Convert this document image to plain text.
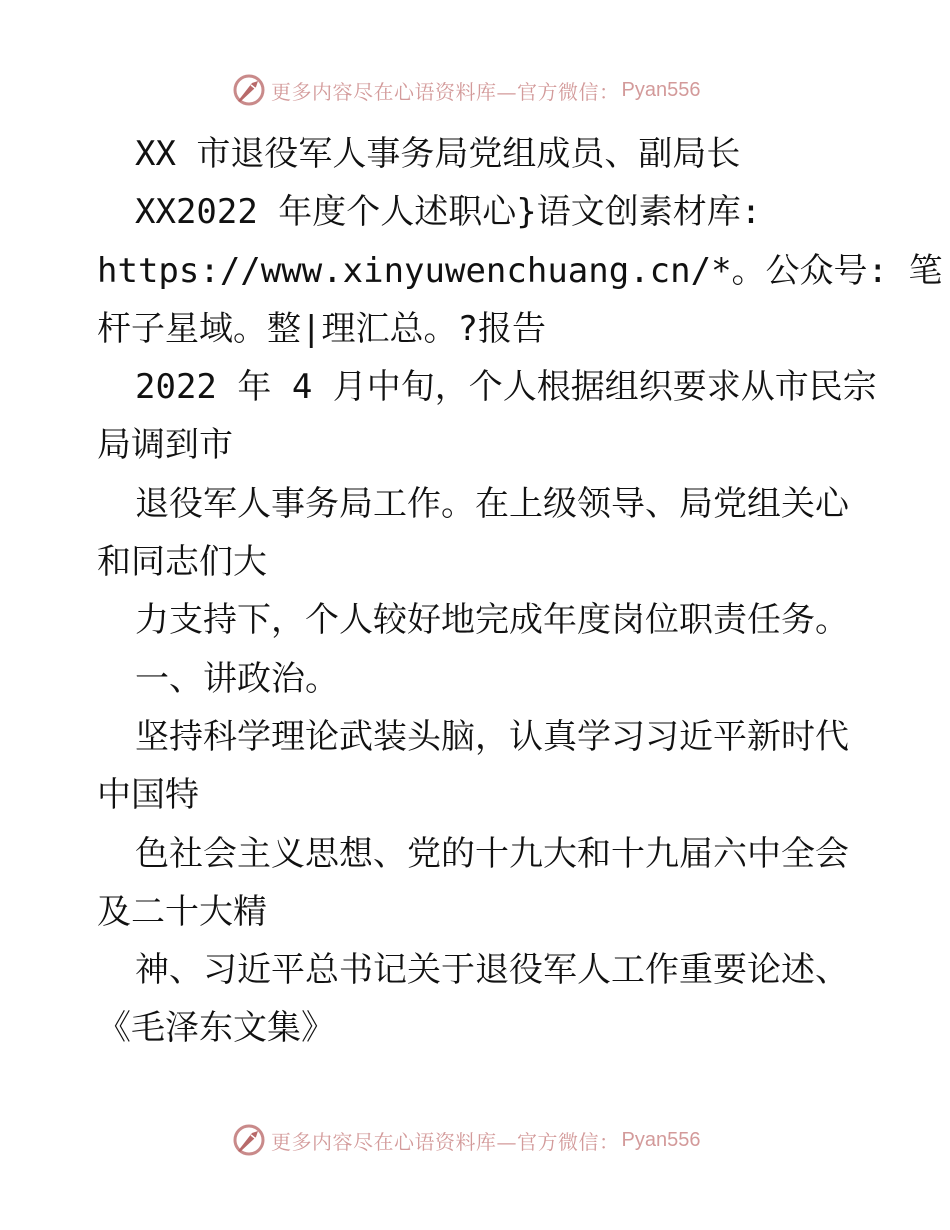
更多内容尽在心语资料库—官方微信： Pyan556
XX 市退役军人事务局党组成员、副局长
XX2022 年度个人述职心}语文创素材库:
https://www.xinyuwenchuang.cn/*。公众号: 笔
杆子星域。整|理汇总。?报告
2022 年 4 月中旬，个人根据组织要求从市民宗
局调到市
退役军人事务局工作。在上级领导、局党组关心
和同志们大
力支持下，个人较好地完成年度岗位职责任务。
一、讲政治。
坚持科学理论武装头脑，认真学习习近平新时代
中国特
色社会主义思想、党的十九大和十九届六中全会
及二十大精
神、习近平总书记关于退役军人工作重要论述、
《毛泽东文集》
更多内容尽在心语资料库—官方微信： Pyan556
